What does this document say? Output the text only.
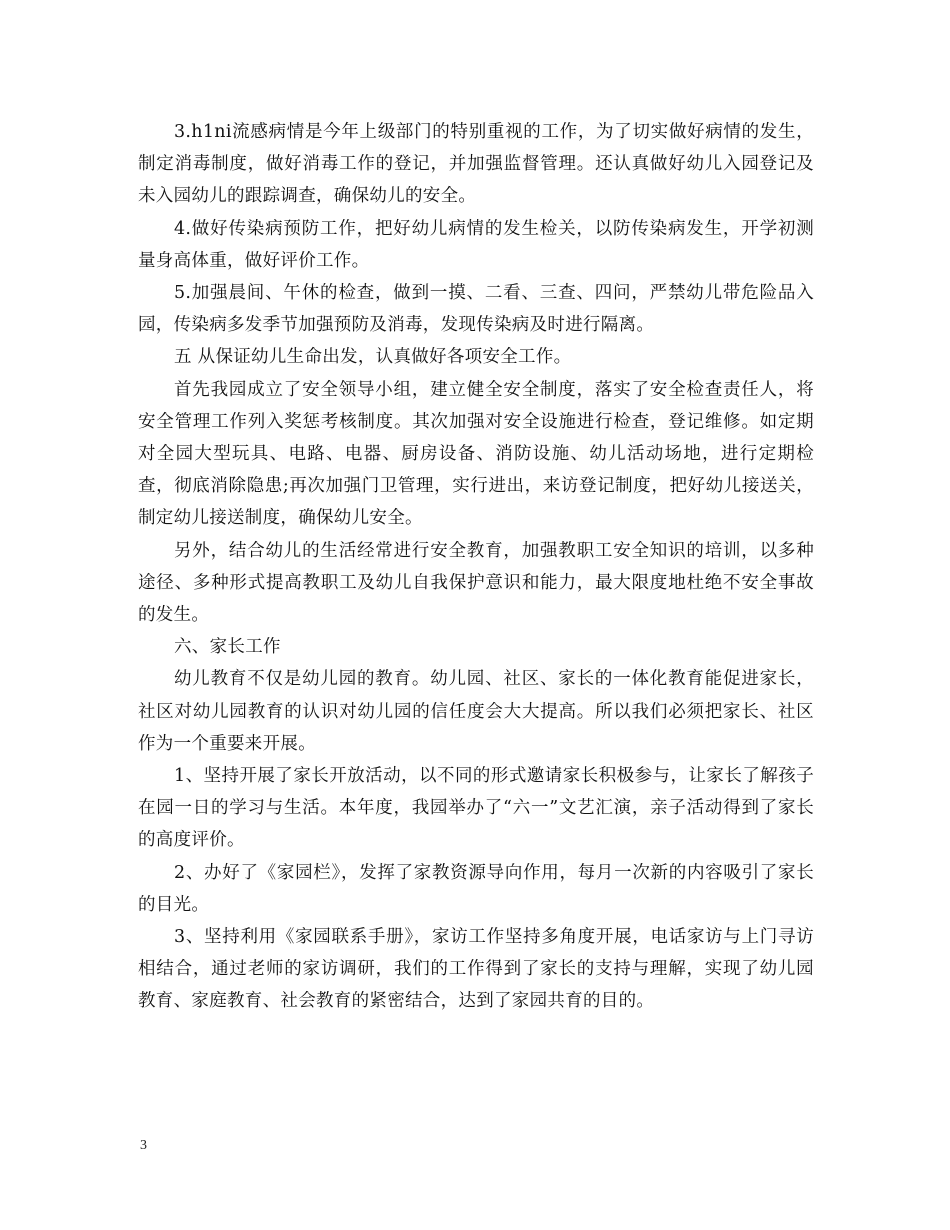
3.h1ni流感病情是今年上级部门的特别重视的工作，为了切实做好病情的发生，制定消毒制度，做好消毒工作的登记，并加强监督管理。还认真做好幼儿入园登记及未入园幼儿的跟踪调查，确保幼儿的安全。

4.做好传染病预防工作，把好幼儿病情的发生检关，以防传染病发生，开学初测量身高体重，做好评价工作。

5.加强晨间、午休的检查，做到一摸、二看、三查、四问，严禁幼儿带危险品入园，传染病多发季节加强预防及消毒，发现传染病及时进行隔离。

五 从保证幼儿生命出发，认真做好各项安全工作。

首先我园成立了安全领导小组，建立健全安全制度，落实了安全检查责任人，将安全管理工作列入奖惩考核制度。其次加强对安全设施进行检查，登记维修。如定期对全园大型玩具、电路、电器、厨房设备、消防设施、幼儿活动场地，进行定期检查，彻底消除隐患;再次加强门卫管理，实行进出，来访登记制度，把好幼儿接送关，制定幼儿接送制度，确保幼儿安全。

另外，结合幼儿的生活经常进行安全教育，加强教职工安全知识的培训，以多种途径、多种形式提高教职工及幼儿自我保护意识和能力，最大限度地杜绝不安全事故的发生。

六、家长工作

幼儿教育不仅是幼儿园的教育。幼儿园、社区、家长的一体化教育能促进家长，社区对幼儿园教育的认识对幼儿园的信任度会大大提高。所以我们必须把家长、社区作为一个重要来开展。

1、坚持开展了家长开放活动，以不同的形式邀请家长积极参与，让家长了解孩子在园一日的学习与生活。本年度，我园举办了“六一”文艺汇演，亲子活动得到了家长的高度评价。

2、办好了《家园栏》，发挥了家教资源导向作用，每月一次新的内容吸引了家长的目光。

3、坚持利用《家园联系手册》，家访工作坚持多角度开展，电话家访与上门寻访相结合，通过老师的家访调研，我们的工作得到了家长的支持与理解，实现了幼儿园教育、家庭教育、社会教育的紧密结合，达到了家园共育的目的。

3
